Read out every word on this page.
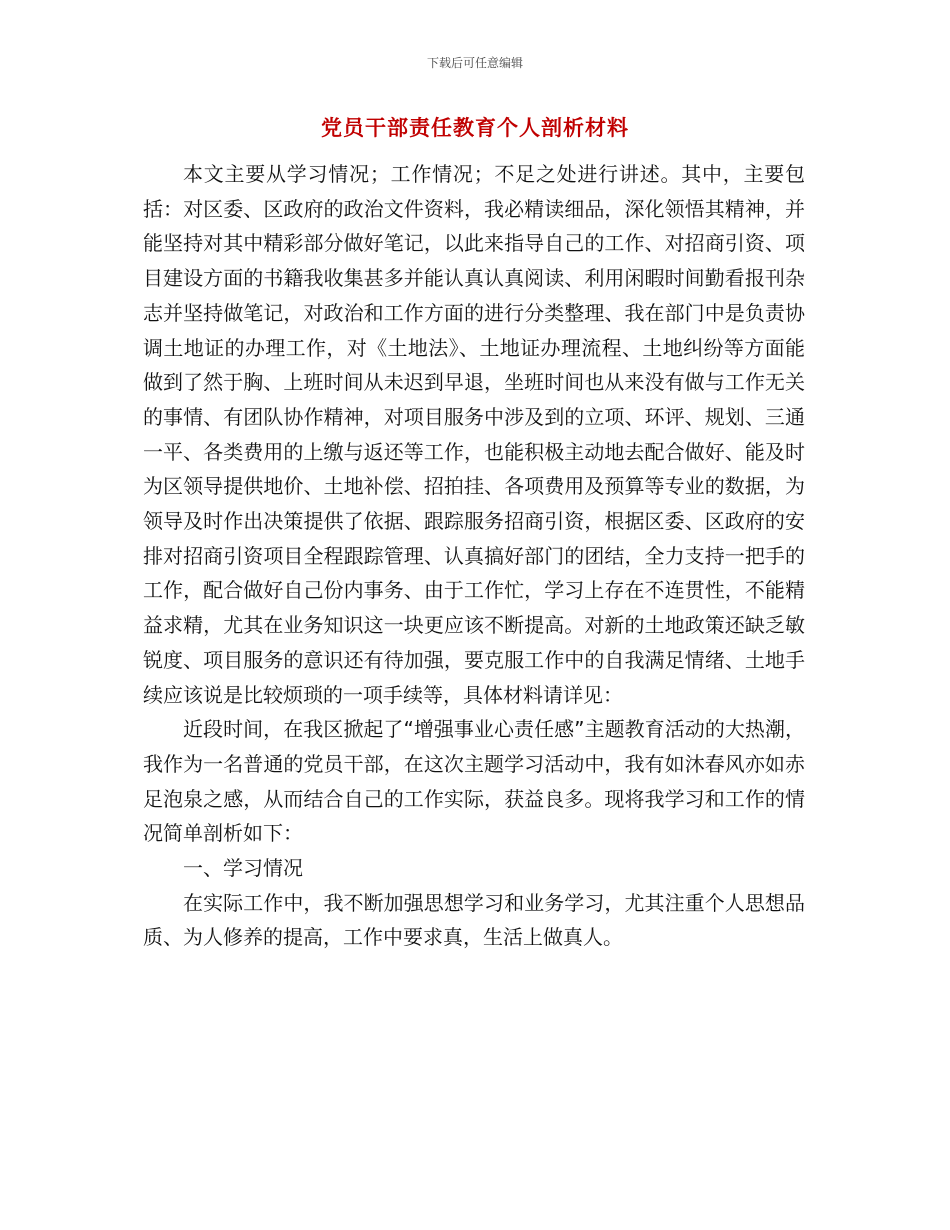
下载后可任意编辑
党员干部责任教育个人剖析材料

本文主要从学习情况；工作情况；不足之处进行讲述。其中，主要包括：对区委、区政府的政治文件资料，我必精读细品，深化领悟其精神，并能坚持对其中精彩部分做好笔记，以此来指导自己的工作、对招商引资、项目建设方面的书籍我收集甚多并能认真认真阅读、利用闲暇时间勤看报刊杂志并坚持做笔记，对政治和工作方面的进行分类整理、我在部门中是负责协调土地证的办理工作，对《土地法》、土地证办理流程、土地纠纷等方面能做到了然于胸、上班时间从未迟到早退，坐班时间也从来没有做与工作无关的事情、有团队协作精神，对项目服务中涉及到的立项、环评、规划、三通一平、各类费用的上缴与返还等工作，也能积极主动地去配合做好、能及时为区领导提供地价、土地补偿、招拍挂、各项费用及预算等专业的数据，为领导及时作出决策提供了依据、跟踪服务招商引资，根据区委、区政府的安排对招商引资项目全程跟踪管理、认真搞好部门的团结，全力支持一把手的工作，配合做好自己份内事务、由于工作忙，学习上存在不连贯性，不能精益求精，尤其在业务知识这一块更应该不断提高。对新的土地政策还缺乏敏锐度、项目服务的意识还有待加强，要克服工作中的自我满足情绪、土地手续应该说是比较烦琐的一项手续等，具体材料请详见：

近段时间，在我区掀起了“增强事业心责任感”主题教育活动的大热潮，我作为一名普通的党员干部，在这次主题学习活动中，我有如沐春风亦如赤足泡泉之感，从而结合自己的工作实际，获益良多。现将我学习和工作的情况简单剖析如下：

一、学习情况

在实际工作中，我不断加强思想学习和业务学习，尤其注重个人思想品质、为人修养的提高，工作中要求真，生活上做真人。
